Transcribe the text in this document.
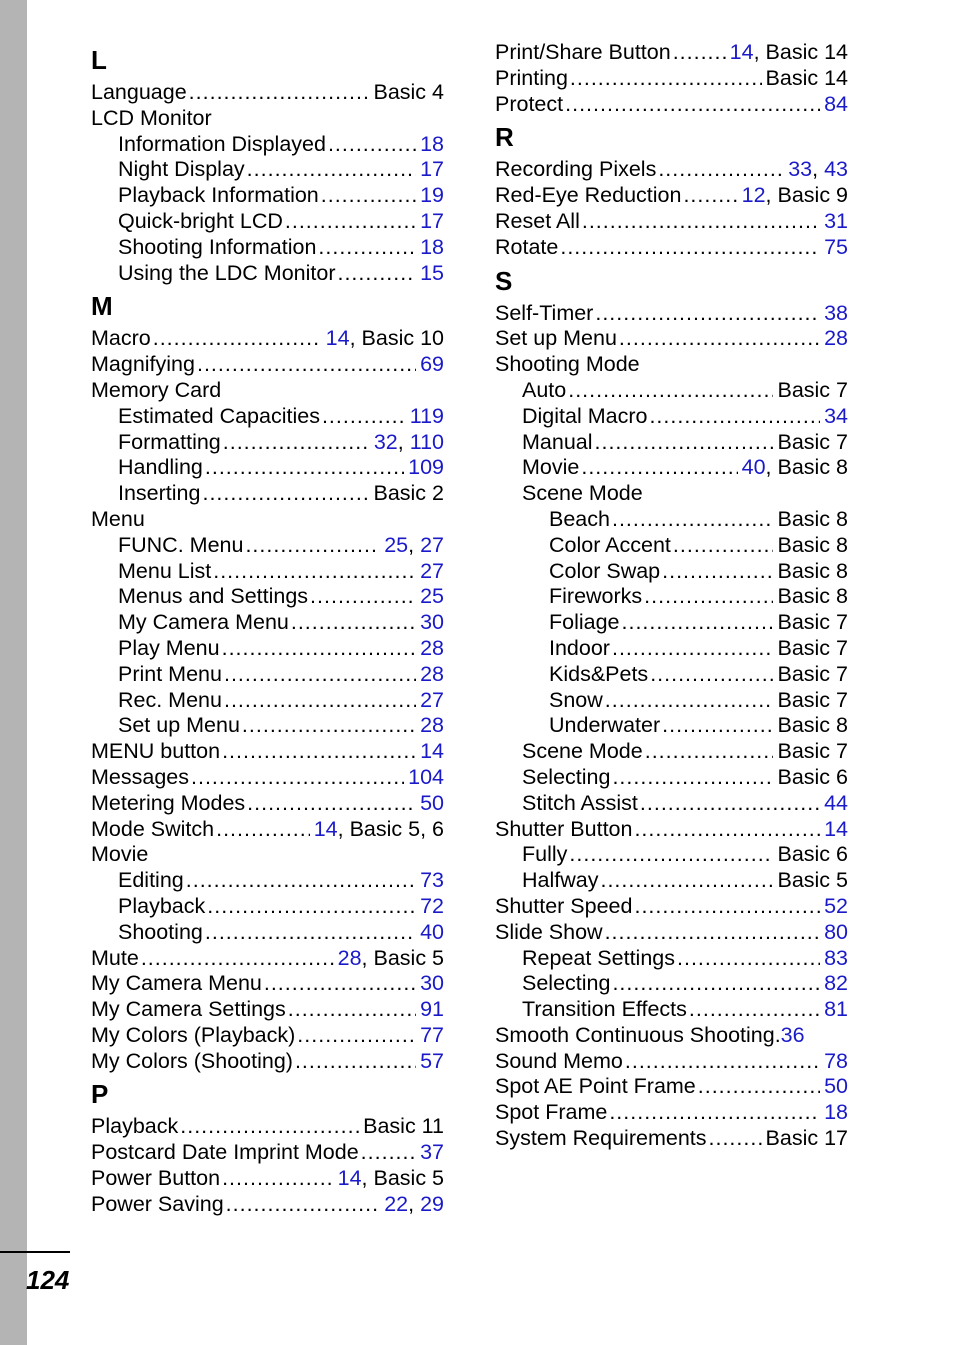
L
Language .....	Basic 4
LCD Monitor
Information Displayed .....	18
Night Display .....	17
Playback Information .....	19
Quick-bright LCD .....	17
Shooting Information .....	18
Using the LDC Monitor .....	15
M
Macro .....	14, Basic 10
Magnifying .....	69
Memory Card
Estimated Capacities .....	119
Formatting .....	32, 110
Handling .....	109
Inserting .....	Basic 2
Menu
FUNC. Menu .....	25, 27
Menu List .....	27
Menus and Settings .....	25
My Camera Menu .....	30
Play Menu .....	28
Print Menu .....	28
Rec. Menu .....	27
Set up Menu .....	28
MENU button .....	14
Messages .....	104
Metering Modes .....	50
Mode Switch .....	14, Basic 5, 6
Movie
Editing .....	73
Playback .....	72
Shooting .....	40
Mute .....	28, Basic 5
My Camera Menu .....	30
My Camera Settings .....	91
My Colors (Playback) .....	77
My Colors (Shooting) .....	57
P
Playback .....	Basic 11
Postcard Date Imprint Mode .....	37
Power Button .....	14, Basic 5
Power Saving .....	22, 29
Print/Share Button .....	14, Basic 14
Printing .....	Basic 14
Protect .....	84
R
Recording Pixels .....	33, 43
Red-Eye Reduction .....	12, Basic 9
Reset All .....	31
Rotate .....	75
S
Self-Timer .....	38
Set up Menu .....	28
Shooting Mode
Auto .....	Basic 7
Digital Macro .....	34
Manual .....	Basic 7
Movie .....	40, Basic 8
Scene Mode
Beach .....	Basic 8
Color Accent .....	Basic 8
Color Swap .....	Basic 8
Fireworks .....	Basic 8
Foliage .....	Basic 7
Indoor .....	Basic 7
Kids&Pets .....	Basic 7
Snow .....	Basic 7
Underwater .....	Basic 8
Scene Mode .....	Basic 7
Selecting .....	Basic 6
Stitch Assist .....	44
Shutter Button .....	14
Fully .....	Basic 6
Halfway .....	Basic 5
Shutter Speed .....	52
Slide Show .....	80
Repeat Settings .....	83
Selecting .....	82
Transition Effects .....	81
Smooth Continuous Shooting. 36
Sound Memo .....	78
Spot AE Point Frame .....	50
Spot Frame .....	18
System Requirements .....	Basic 17
124
